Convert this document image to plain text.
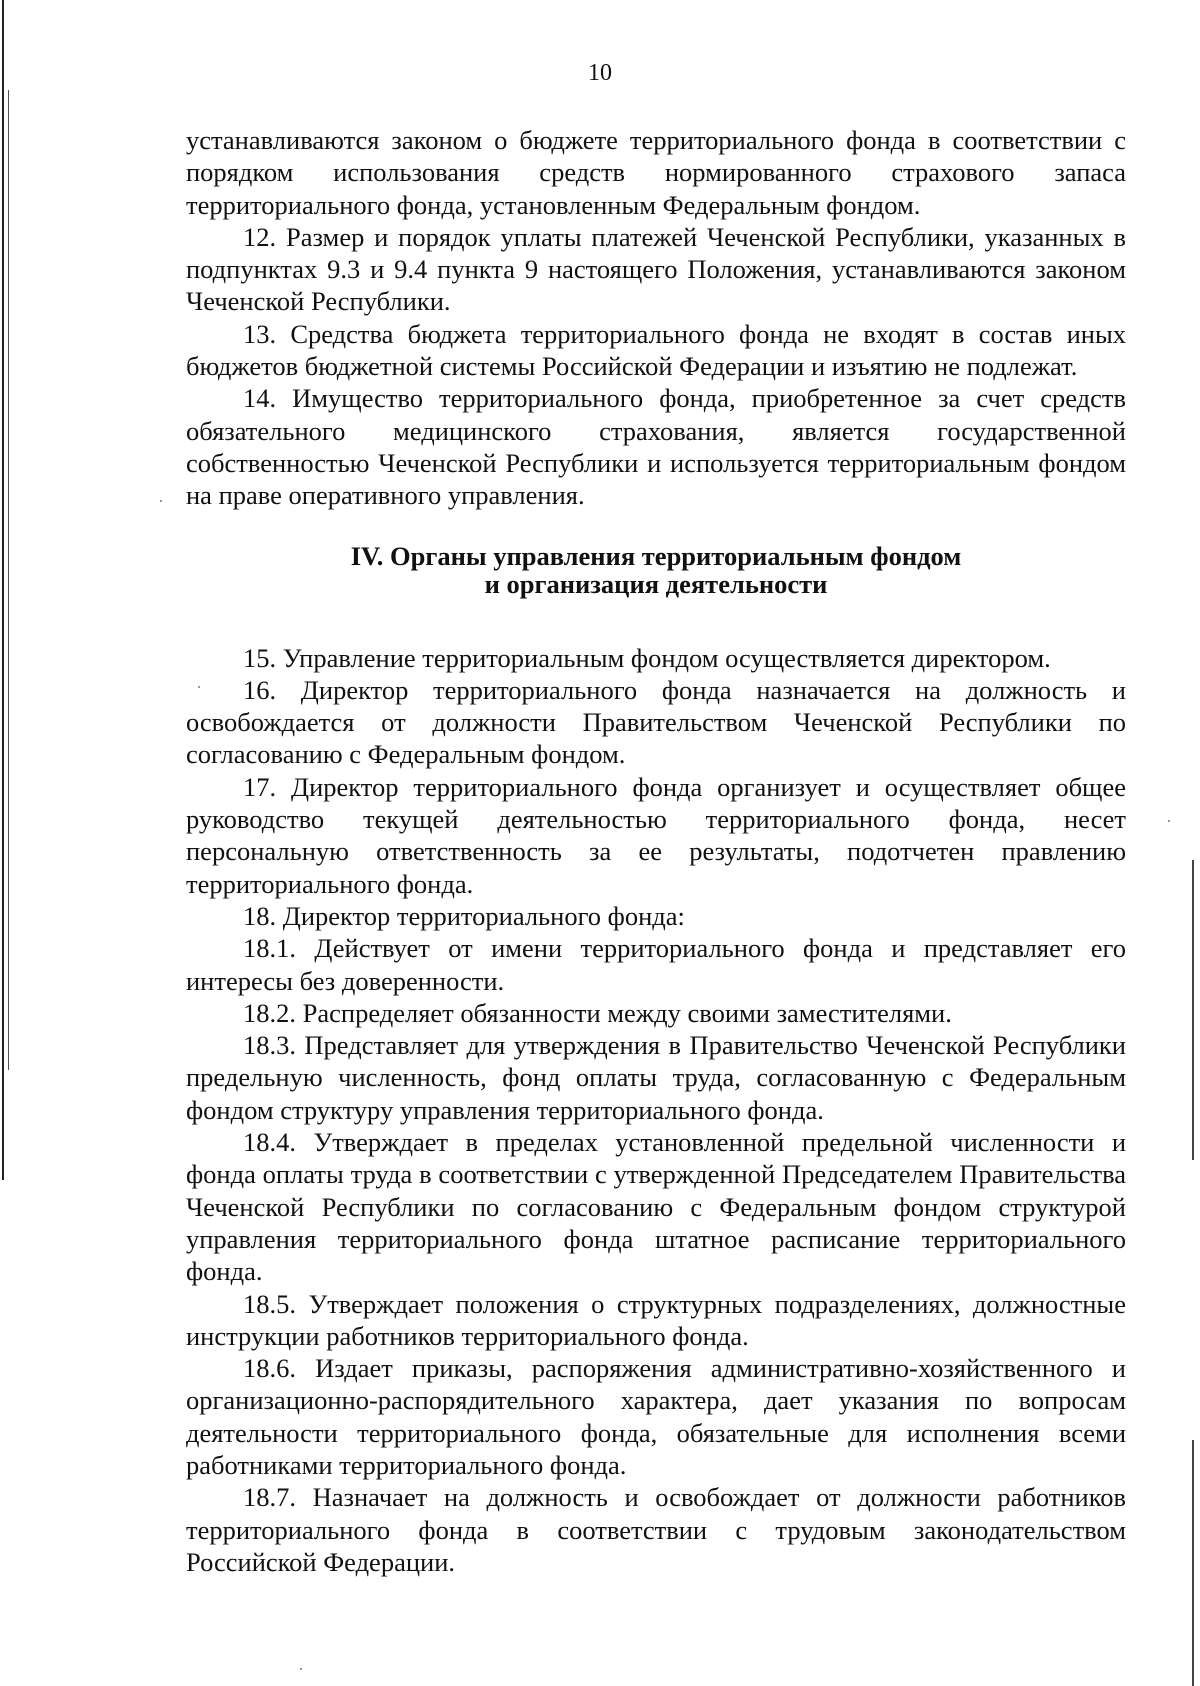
10

устанавливаются законом о бюджете территориального фонда в соответствии с порядком использования средств нормированного страхового запаса территориального фонда, установленным Федеральным фондом.

12. Размер и порядок уплаты платежей Чеченской Республики, указанных в подпунктах 9.3 и 9.4 пункта 9 настоящего Положения, устанавливаются законом Чеченской Республики.

13. Средства бюджета территориального фонда не входят в состав иных бюджетов бюджетной системы Российской Федерации и изъятию не подлежат.

14. Имущество территориального фонда, приобретенное за счет средств обязательного медицинского страхования, является государственной собственностью Чеченской Республики и используется территориальным фондом на праве оперативного управления.

IV. Органы управления территориальным фондом
и организация деятельности

15. Управление территориальным фондом осуществляется директором.

16. Директор территориального фонда назначается на должность и освобождается от должности Правительством Чеченской Республики по согласованию с Федеральным фондом.

17. Директор территориального фонда организует и осуществляет общее руководство текущей деятельностью территориального фонда, несет персональную ответственность за ее результаты, подотчетен правлению территориального фонда.

18. Директор территориального фонда:

18.1. Действует от имени территориального фонда и представляет его интересы без доверенности.

18.2. Распределяет обязанности между своими заместителями.

18.3. Представляет для утверждения в Правительство Чеченской Республики предельную численность, фонд оплаты труда, согласованную с Федеральным фондом структуру управления территориального фонда.

18.4. Утверждает в пределах установленной предельной численности и фонда оплаты труда в соответствии с утвержденной Председателем Правительства Чеченской Республики по согласованию с Федеральным фондом структурой управления территориального фонда штатное расписание территориального фонда.

18.5. Утверждает положения о структурных подразделениях, должностные инструкции работников территориального фонда.

18.6. Издает приказы, распоряжения административно-хозяйственного и организационно-распорядительного характера, дает указания по вопросам деятельности территориального фонда, обязательные для исполнения всеми работниками территориального фонда.

18.7. Назначает на должность и освобождает от должности работников территориального фонда в соответствии с трудовым законодательством Российской Федерации.
